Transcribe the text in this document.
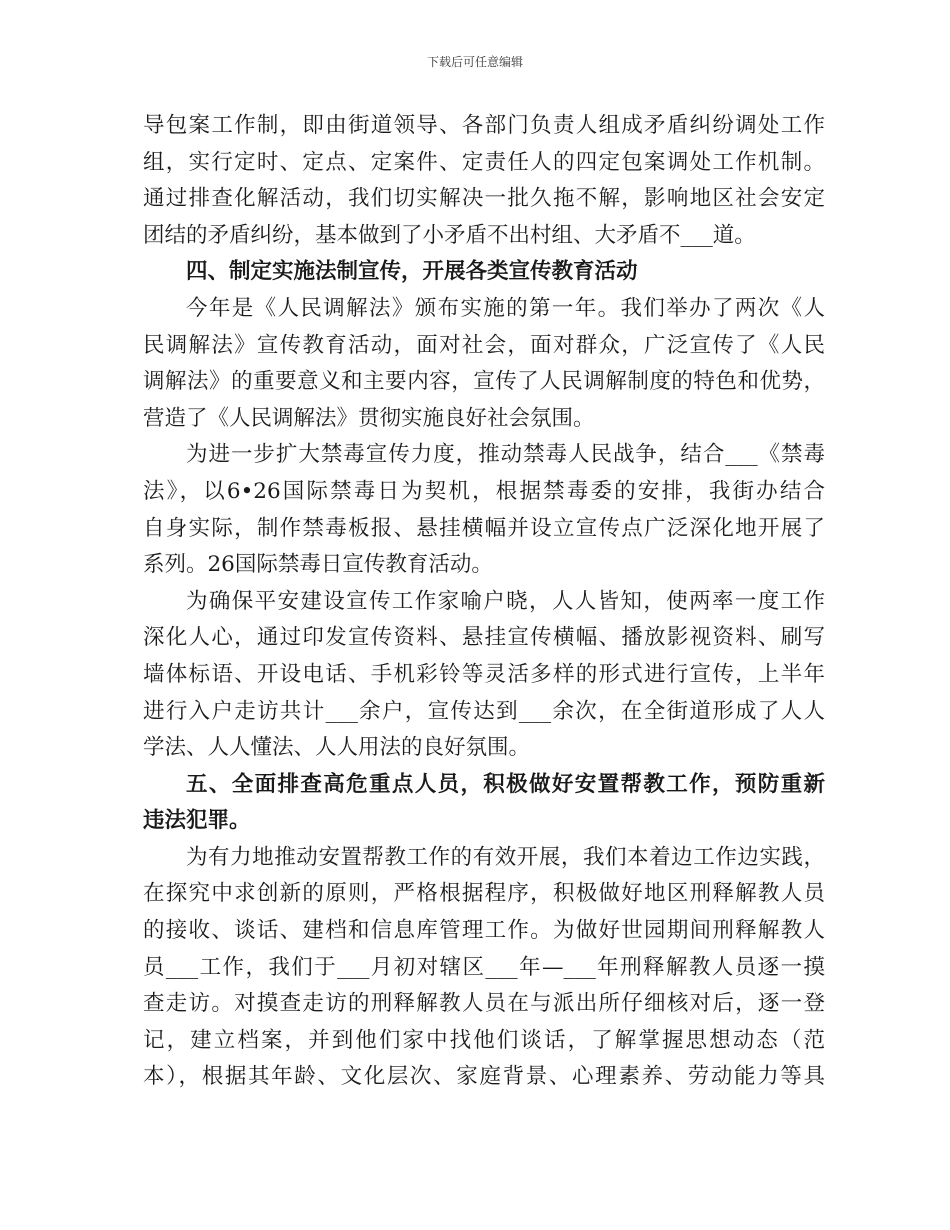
下载后可任意编辑
导包案工作制，即由街道领导、各部门负责人组成矛盾纠纷调处工作
组，实行定时、定点、定案件、定责任人的四定包案调处工作机制。
通过排查化解活动，我们切实解决一批久拖不解，影响地区社会安定
团结的矛盾纠纷，基本做到了小矛盾不出村组、大矛盾不___道。
四、制定实施法制宣传，开展各类宣传教育活动
今年是《人民调解法》颁布实施的第一年。我们举办了两次《人
民调解法》宣传教育活动，面对社会，面对群众，广泛宣传了《人民
调解法》的重要意义和主要内容，宣传了人民调解制度的特色和优势，
营造了《人民调解法》贯彻实施良好社会氛围。
为进一步扩大禁毒宣传力度，推动禁毒人民战争，结合___《禁毒
法》，以6•26国际禁毒日为契机，根据禁毒委的安排，我街办结合
自身实际，制作禁毒板报、悬挂横幅并设立宣传点广泛深化地开展了
系列。26国际禁毒日宣传教育活动。
为确保平安建设宣传工作家喻户晓，人人皆知，使两率一度工作
深化人心，通过印发宣传资料、悬挂宣传横幅、播放影视资料、刷写
墙体标语、开设电话、手机彩铃等灵活多样的形式进行宣传，上半年
进行入户走访共计___余户，宣传达到___余次，在全街道形成了人人
学法、人人懂法、人人用法的良好氛围。
五、全面排查高危重点人员，积极做好安置帮教工作，预防重新
违法犯罪。
为有力地推动安置帮教工作的有效开展，我们本着边工作边实践，
在探究中求创新的原则，严格根据程序，积极做好地区刑释解教人员
的接收、谈话、建档和信息库管理工作。为做好世园期间刑释解教人
员___工作，我们于___月初对辖区___年—___年刑释解教人员逐一摸
查走访。对摸查走访的刑释解教人员在与派出所仔细核对后，逐一登
记，建立档案，并到他们家中找他们谈话，了解掌握思想动态（范
本），根据其年龄、文化层次、家庭背景、心理素养、劳动能力等具
